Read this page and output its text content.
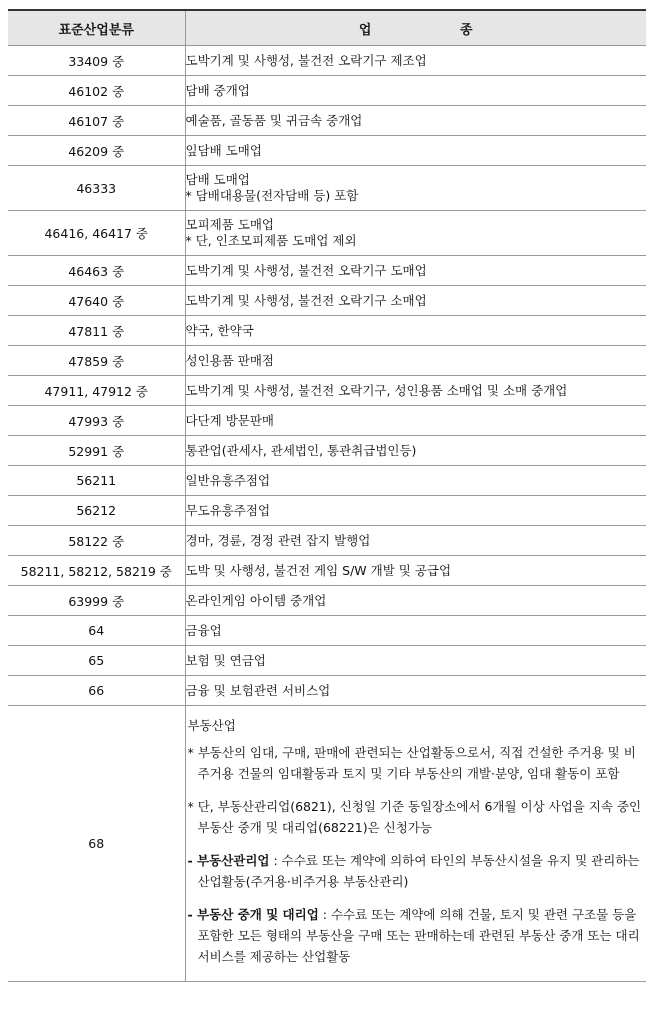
표준산업분류	업 종
33409 중	도박기계 및 사행성, 불건전 오락기구 제조업

46102 중	담배 중개업

46107 중	예술품, 골동품 및 귀금속 중개업

46209 중	잎담배 도매업

46333	담배 도매업
* 담배대용물(전자담배 등) 포함

46416, 46417 중	모피제품 도매업
* 단, 인조모피제품 도매업 제외

46463 중	도박기계 및 사행성, 불건전 오락기구 도매업

47640 중	도박기계 및 사행성, 불건전 오락기구 소매업

47811 중	약국, 한약국

47859 중	성인용품 판매점

47911, 47912 중	도박기계 및 사행성, 불건전 오락기구, 성인용품 소매업 및 소매 중개업

47993 중	다단계 방문판매

52991 중	통관업(관세사, 관세법인, 통관취급법인등)

56211	일반유흥주점업

56212	무도유흥주점업

58122 중	경마, 경륜, 경정 관련 잡지 발행업

58211, 58212, 58219 중	도박 및 사행성, 불건전 게임 S/W 개발 및 공급업

63999 중	온라인게임 아이템 중개업

64	금융업

65	보험 및 연금업

66	금융 및 보험관련 서비스업

68	부동산업
* 부동산의 임대, 구매, 판매에 관련되는 산업활동으로서, 직접 건설한 주거용 및 비주거용 건물의 임대활동과 토지 및 기타 부동산의 개발·분양, 임대 활동이 포함
* 단, 부동산관리업(6821), 신청일 기준 동일장소에서 6개월 이상 사업을 지속 중인 부동산 중개 및 대리업(68221)은 신청가능
- 부동산관리업 : 수수료 또는 계약에 의하여 타인의 부동산시설을 유지 및 관리하는 산업활동(주거용·비주거용 부동산관리)
- 부동산 중개 및 대리업 : 수수료 또는 계약에 의해 건물, 토지 및 관련 구조물 등을 포함한 모든 형태의 부동산을 구매 또는 판매하는데 관련된 부동산 중개 또는 대리 서비스를 제공하는 산업활동
